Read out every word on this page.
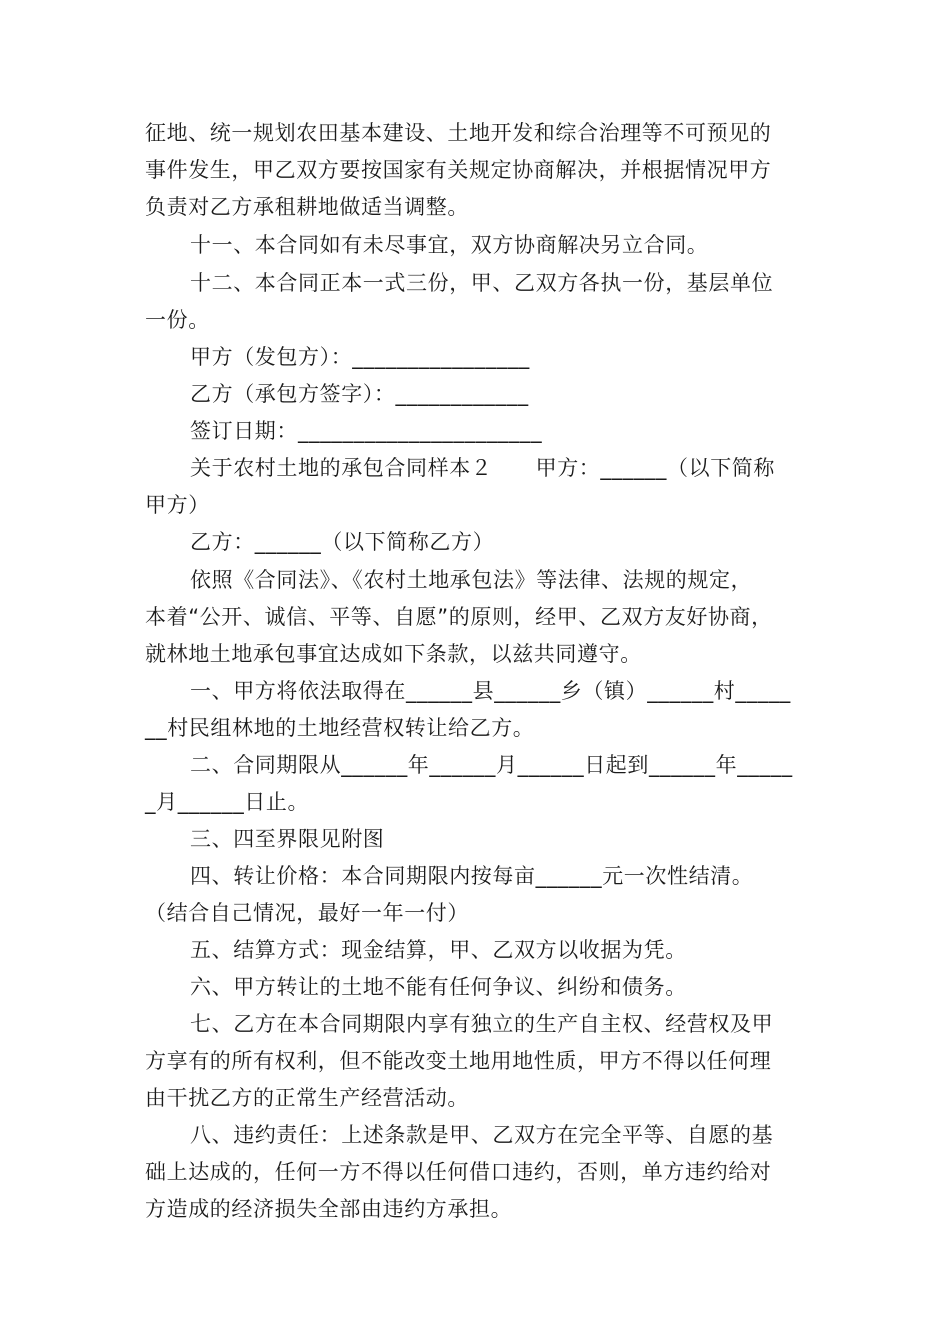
征地、统一规划农田基本建设、土地开发和综合治理等不可预见的
事件发生，甲乙双方要按国家有关规定协商解决，并根据情况甲方
负责对乙方承租耕地做适当调整。
十一、本合同如有未尽事宜，双方协商解决另立合同。
十二、本合同正本一式三份，甲、乙双方各执一份，基层单位
一份。
甲方（发包方）：________________
乙方（承包方签字）：____________
签订日期：______________________
关于农村土地的承包合同样本２　　甲方：______（以下简称
甲方）
乙方：______（以下简称乙方）
依照《合同法》、《农村土地承包法》等法律、法规的规定，
本着“公开、诚信、平等、自愿”的原则，经甲、乙双方友好协商，
就林地土地承包事宜达成如下条款，以兹共同遵守。
一、甲方将依法取得在______县______乡（镇）______村_____
__村民组林地的土地经营权转让给乙方。
二、合同期限从______年______月______日起到______年_____
_月______日止。
三、四至界限见附图
四、转让价格：本合同期限内按每亩______元一次性结清。
（结合自己情况，最好一年一付）
五、结算方式：现金结算，甲、乙双方以收据为凭。
六、甲方转让的土地不能有任何争议、纠纷和债务。
七、乙方在本合同期限内享有独立的生产自主权、经营权及甲
方享有的所有权利，但不能改变土地用地性质，甲方不得以任何理
由干扰乙方的正常生产经营活动。
八、违约责任：上述条款是甲、乙双方在完全平等、自愿的基
础上达成的，任何一方不得以任何借口违约，否则，单方违约给对
方造成的经济损失全部由违约方承担。
